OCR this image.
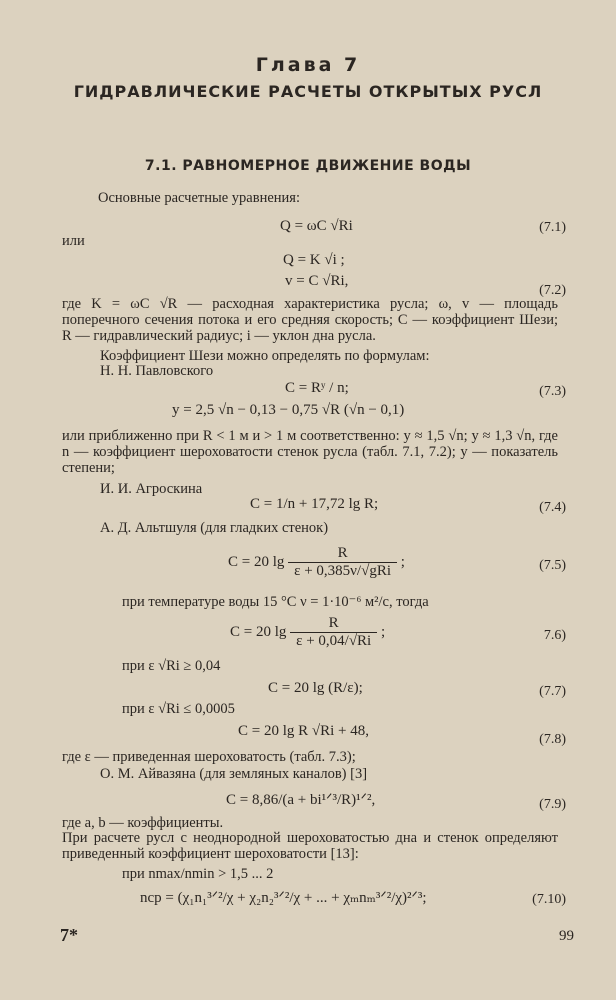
Глава 7
ГИДРАВЛИЧЕСКИЕ РАСЧЕТЫ ОТКРЫТЫХ РУСЛ
7.1. РАВНОМЕРНОЕ ДВИЖЕНИЕ ВОДЫ
Основные расчетные уравнения:
Q = ωC √Ri	(7.1)
или
Q = K √i ;
v = C √Ri,
(7.2)
где K = ωC √R — расходная характеристика русла; ω, v — площадь поперечного сечения потока и его средняя скорость; C — коэффициент Шези; R — гидравлический радиус; i — уклон дна русла.
Коэффициент Шези можно определять по формулам:
Н. Н. Павловского
C = Rʸ / n;	(7.3)
y = 2,5 √n − 0,13 − 0,75 √R (√n − 0,1)
или приближенно при R < 1 м и > 1 м соответственно: y ≈ 1,5 √n; y ≈ 1,3 √n, где n — коэффициент шероховатости стенок русла (табл. 7.1, 7.2); y — показатель степени;
И. И. Агроскина
C = 1/n + 17,72 lg R;	(7.4)
А. Д. Альтшуля (для гладких стенок)
C = 20 $\lg \frac{R}{\text{ε + 0,385ν/√gRi}}$ ;	(7.5)
при температуре воды 15 °C ν = 1·10⁻⁶ м²/с, тогда
C = 20 $\lg \frac{R}{\varepsilon + 0,04/√Ri}$ ;	7.6)
при ε √Ri ≥ 0,04
C = 20 lg (R/ε);	(7.7)
при ε √Ri ≤ 0,0005
C = 20 lg R √Ri + 48,
(7.8)
где ε — приведенная шероховатость (табл. 7.3);
О. М. Айвазяна (для земляных каналов) [3]
C = 8,86/(a + bi¹ᐟ³/R)¹ᐟ²,	(7.9)
где a, b — коэффициенты.
При расчете русл с неоднородной шероховатостью дна и стенок определяют приведенный коэффициент шероховатости [13]:
при nmax/nmin > 1,5 ... 2
nср = (χ₁n₁³ᐟ²/χ + χ₂n₂³ᐟ²/χ + ... + χₘnₘ³ᐟ²/χ)²ᐟ³;	(7.10)
7*	99
